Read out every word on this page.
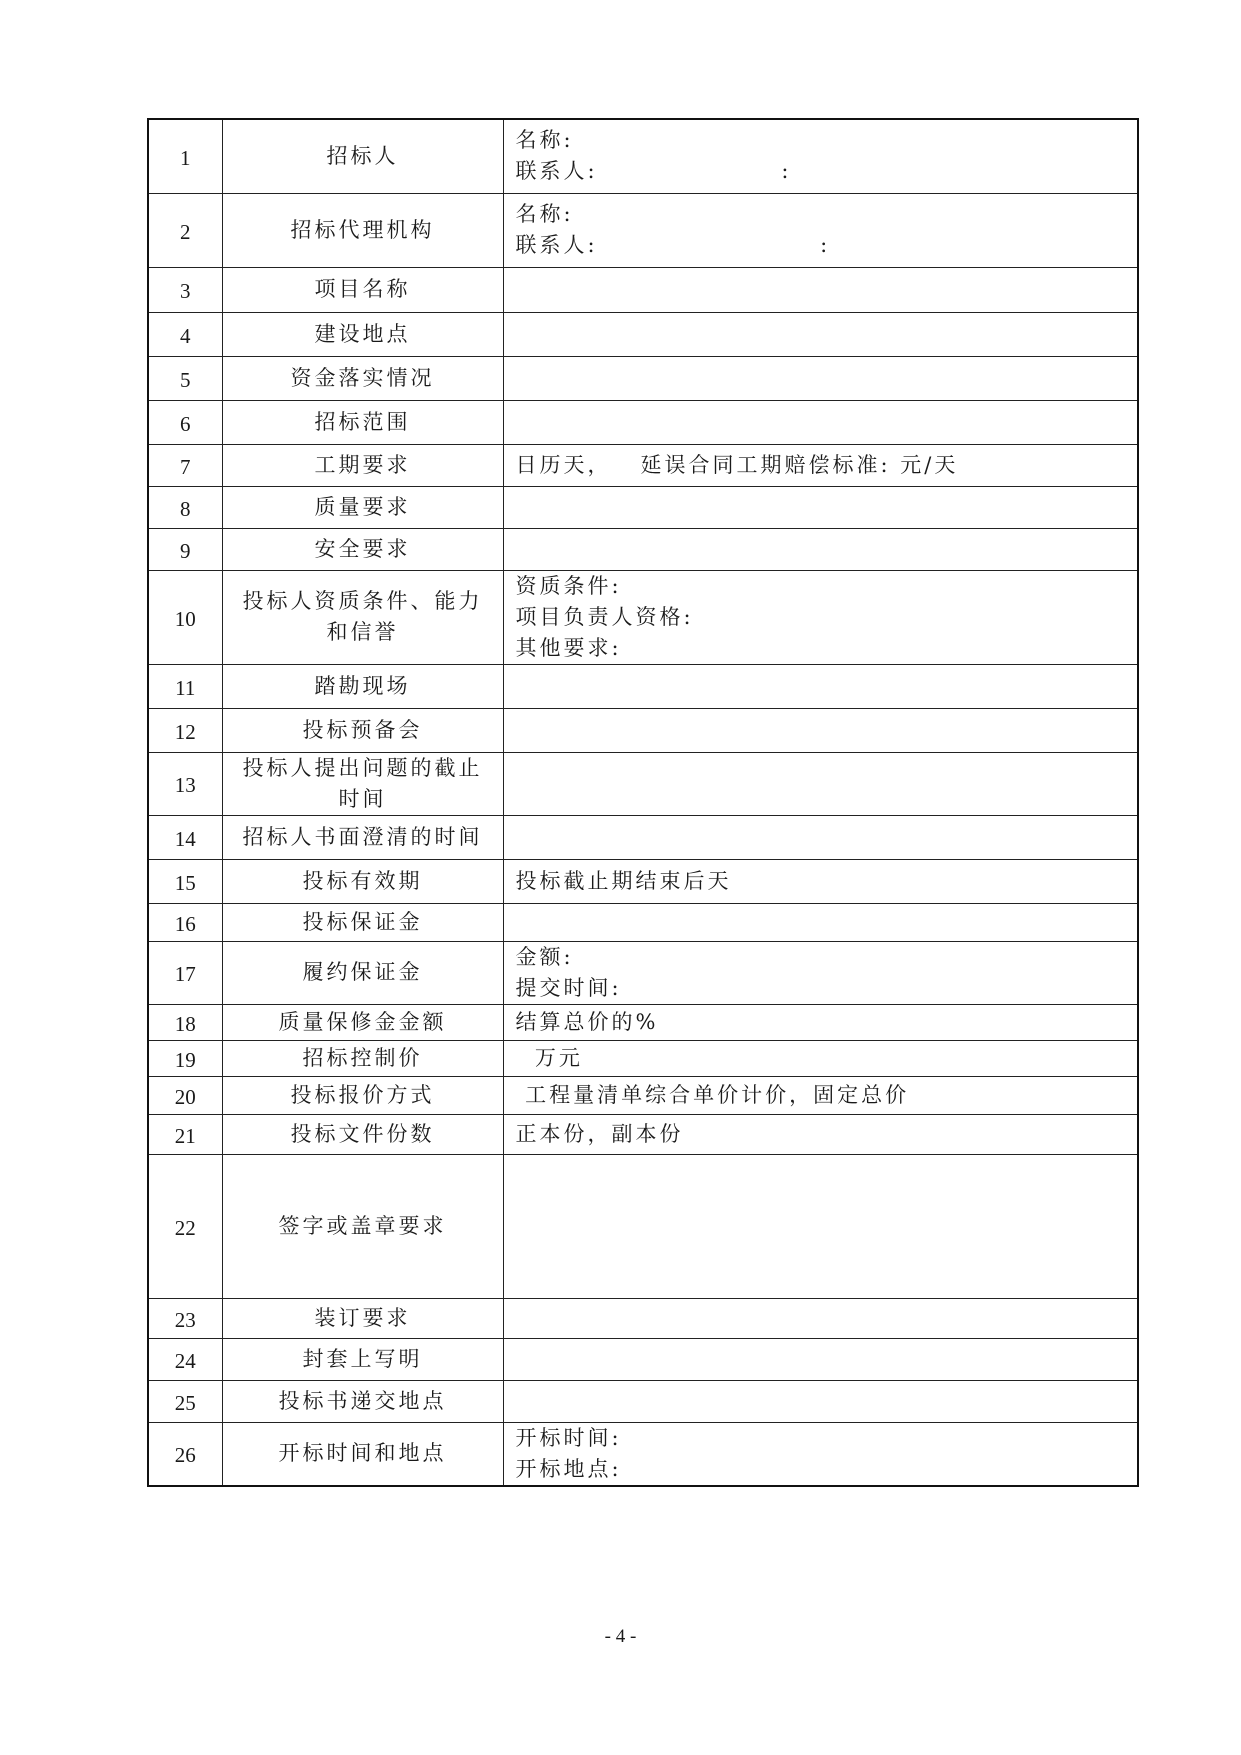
1	招标人	名称:
联系人:                   :

2	招标代理机构	名称:
联系人:                       :

3	项目名称	

4	建设地点	

5	资金落实情况	

6	招标范围	

7	工期要求	日历天，   延误合同工期赔偿标准: 元/天

8	质量要求	

9	安全要求	

10	投标人资质条件、能力
和信誉	资质条件:
项目负责人资格:
其他要求:

11	踏勘现场	

12	投标预备会	

13	投标人提出问题的截止
时间	

14	招标人书面澄清的时间	

15	投标有效期	投标截止期结束后天

16	投标保证金	

17	履约保证金	金额:
提交时间:

18	质量保修金金额	结算总价的%

19	招标控制价	万元

20	投标报价方式	工程量清单综合单价计价，固定总价

21	投标文件份数	正本份，副本份

22	签字或盖章要求	

23	装订要求	

24	封套上写明	

25	投标书递交地点	

26	开标时间和地点	开标时间:
开标地点:
- 4 -
